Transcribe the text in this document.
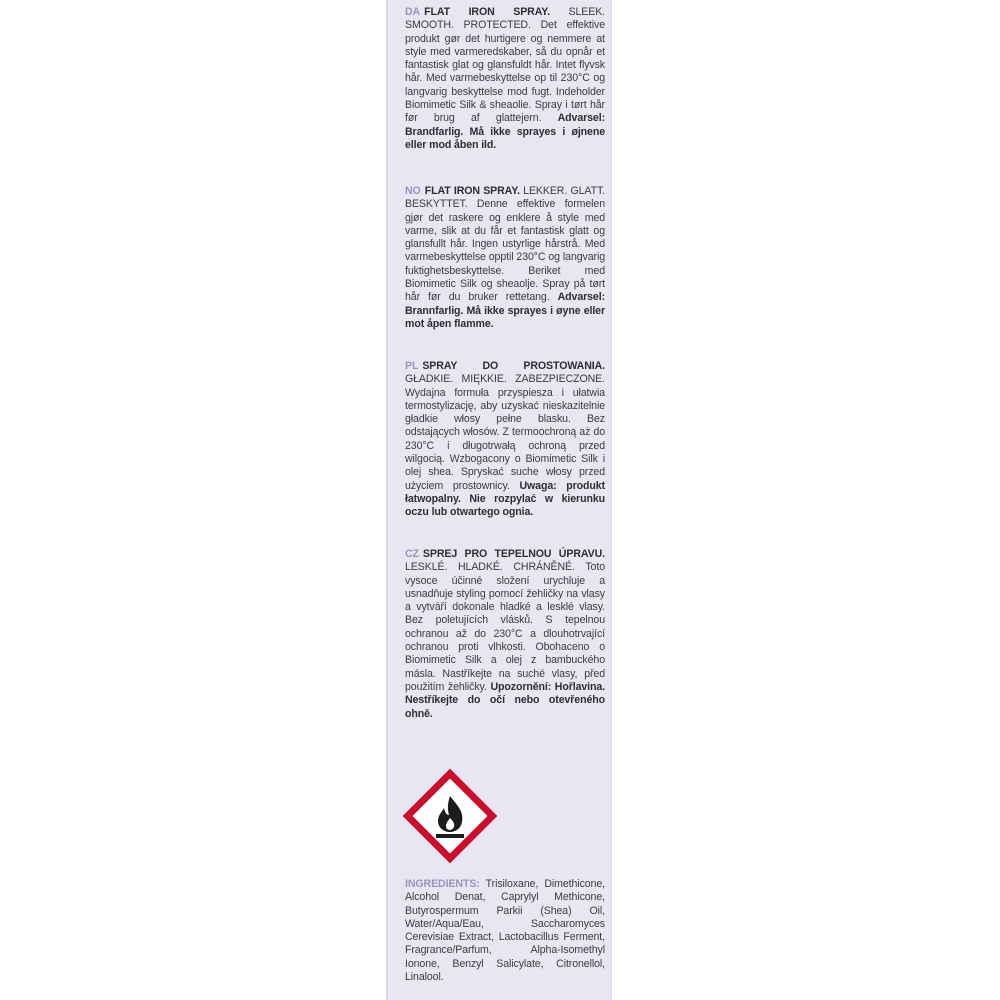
DA FLAT IRON SPRAY. SLEEK. SMOOTH. PROTECTED. Det effektive produkt gør det hurtigere og nemmere at style med varmeredskaber, så du opnår et fantastisk glat og glansfuldt hår. Intet flyvsk hår. Med varmebeskyttelse op til 230°C og langvarig beskyttelse mod fugt. Indeholder Biomimetic Silk & sheaolie. Spray i tørt hår før brug af glattejern. Advarsel: Brandfarlig. Må ikke sprayes i øjnene eller mod åben ild.
NO FLAT IRON SPRAY. LEKKER. GLATT. BESKYTTET. Denne effektive formelen gjør det raskere og enklere å style med varme, slik at du får et fantastisk glatt og glansfullt hår. Ingen ustyrlige hårstrå. Med varmebeskyttelse opptil 230°C og langvarig fuktighetsbeskyttelse. Beriket med Biomimetic Silk og sheaolje. Spray på tørt hår før du bruker rettetang. Advarsel: Brannfarlig. Må ikke sprayes i øyne eller mot åpen flamme.
PL SPRAY DO PROSTOWANIA. GŁADKIE. MIĘKKIE. ZABEZPIECZONE. Wydajna formuła przyspiesza i ułatwia termostylizację, aby uzyskać nieskazitelnie gładkie włosy pełne blasku. Bez odstających włosów. Z termoochroną aż do 230°C i długotrwałą ochroną przed wilgocią. Wzbogacony o Biomimetic Silk i olej shea. Spryskać suche włosy przed użyciem prostownicy. Uwaga: produkt łatwopalny. Nie rozpylać w kierunku oczu lub otwartego ognia.
CZ SPREJ PRO TEPELNOU ÚPRAVU. LESKLÉ. HLADKÉ. CHRÁNĚNÉ. Toto vysoce účinné složení urychluje a usnadňuje styling pomocí žehličky na vlasy a vytváří dokonale hladké a lesklé vlasy. Bez poletujících vlásků. S tepelnou ochranou až do 230°C a dlouhotrvající ochranou proti vlhkosti. Obohaceno o Biomimetic Silk a olej z bambuckého másla. Nastříkejte na suché vlasy, před použitím žehličky. Upozornění: Hořlavina. Nestříkejte do očí nebo otevřeného ohně.
INGREDIENTS: Trisiloxane, Dimethicone, Alcohol Denat, Caprylyl Methicone, Butyrospermum Parkii (Shea) Oil, Water/Aqua/Eau, Saccharomyces Cerevisiae Extract, Lactobacillus Ferment, Fragrance/Parfum, Alpha-Isomethyl Ionone, Benzyl Salicylate, Citronellol, Linalool.
